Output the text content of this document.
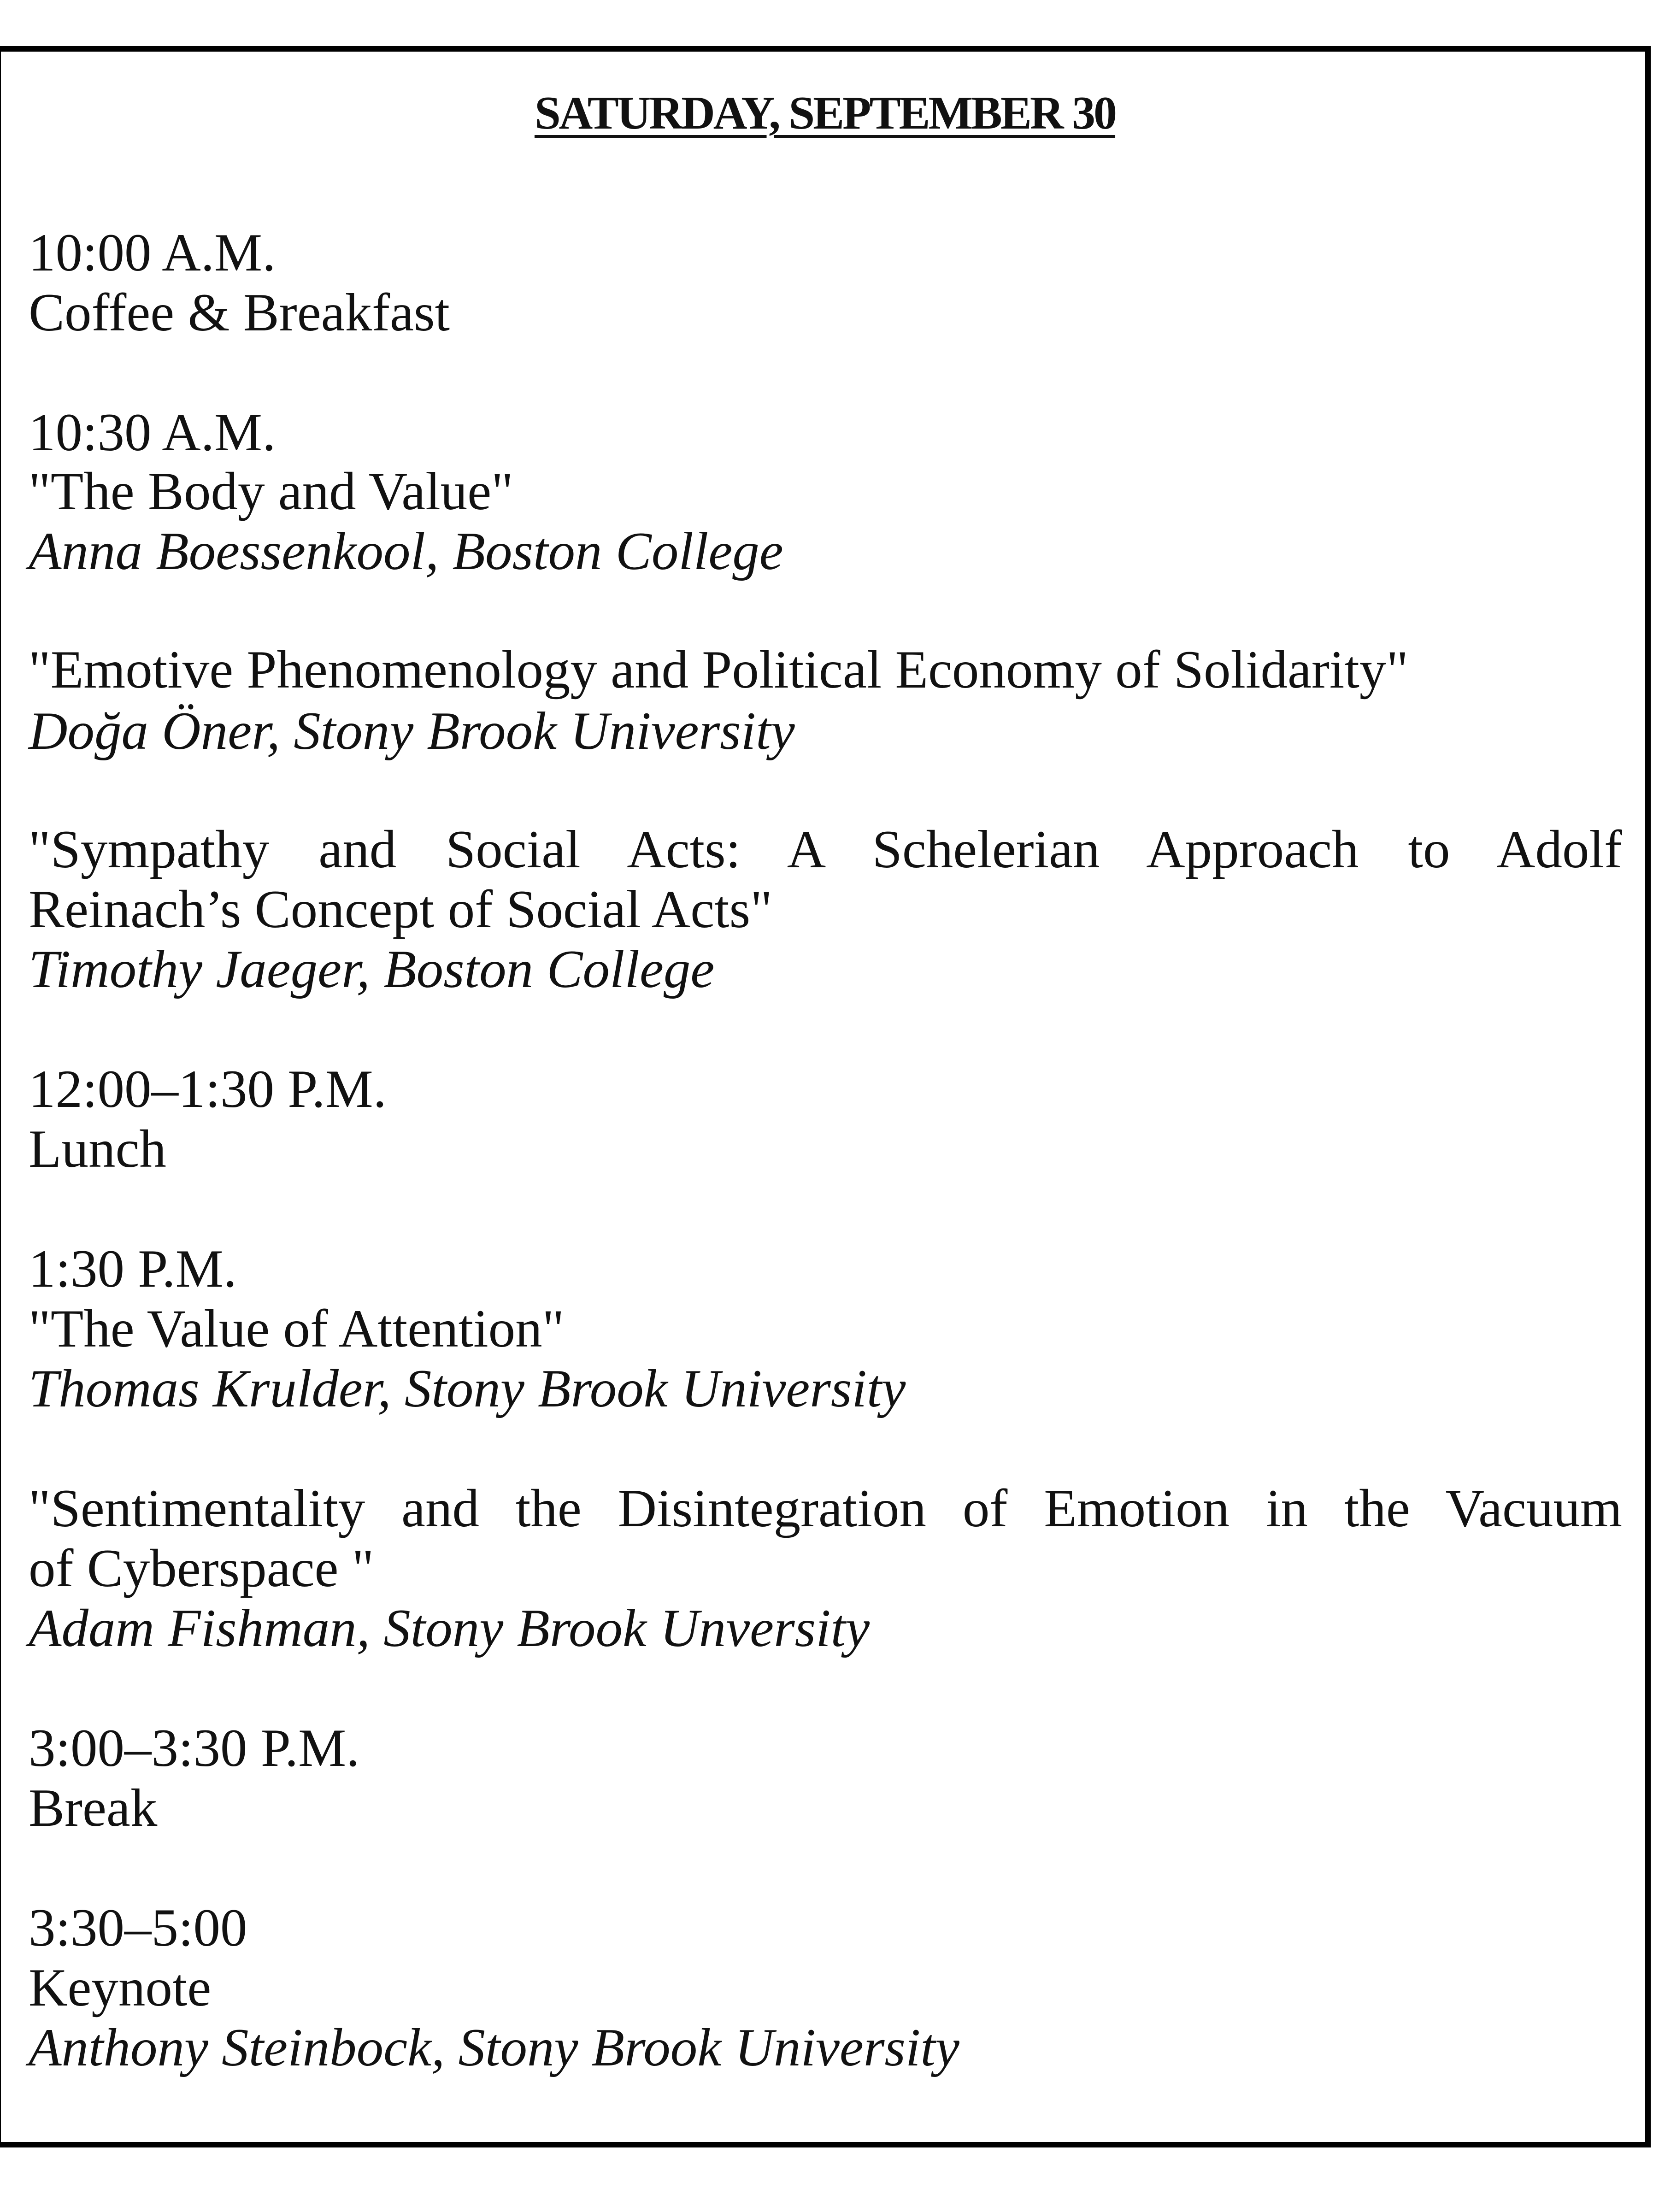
SATURDAY, SEPTEMBER 30
10:00 A.M.
Coffee & Breakfast
10:30 A.M.
"The Body and Value"
Anna Boessenkool, Boston College
"Emotive Phenomenology and Political Economy of Solidarity"
Doğa Öner, Stony Brook University
"Sympathy and Social Acts: A Schelerian Approach to Adolf
Reinach’s Concept of Social Acts"
Timothy Jaeger, Boston College
12:00–1:30 P.M.
Lunch
1:30 P.M.
"The Value of Attention"
Thomas Krulder, Stony Brook University
"Sentimentality and the Disintegration of Emotion in the Vacuum
of Cyberspace "
Adam Fishman, Stony Brook Unversity
3:00–3:30 P.M.
Break
3:30–5:00
Keynote
Anthony Steinbock, Stony Brook University
